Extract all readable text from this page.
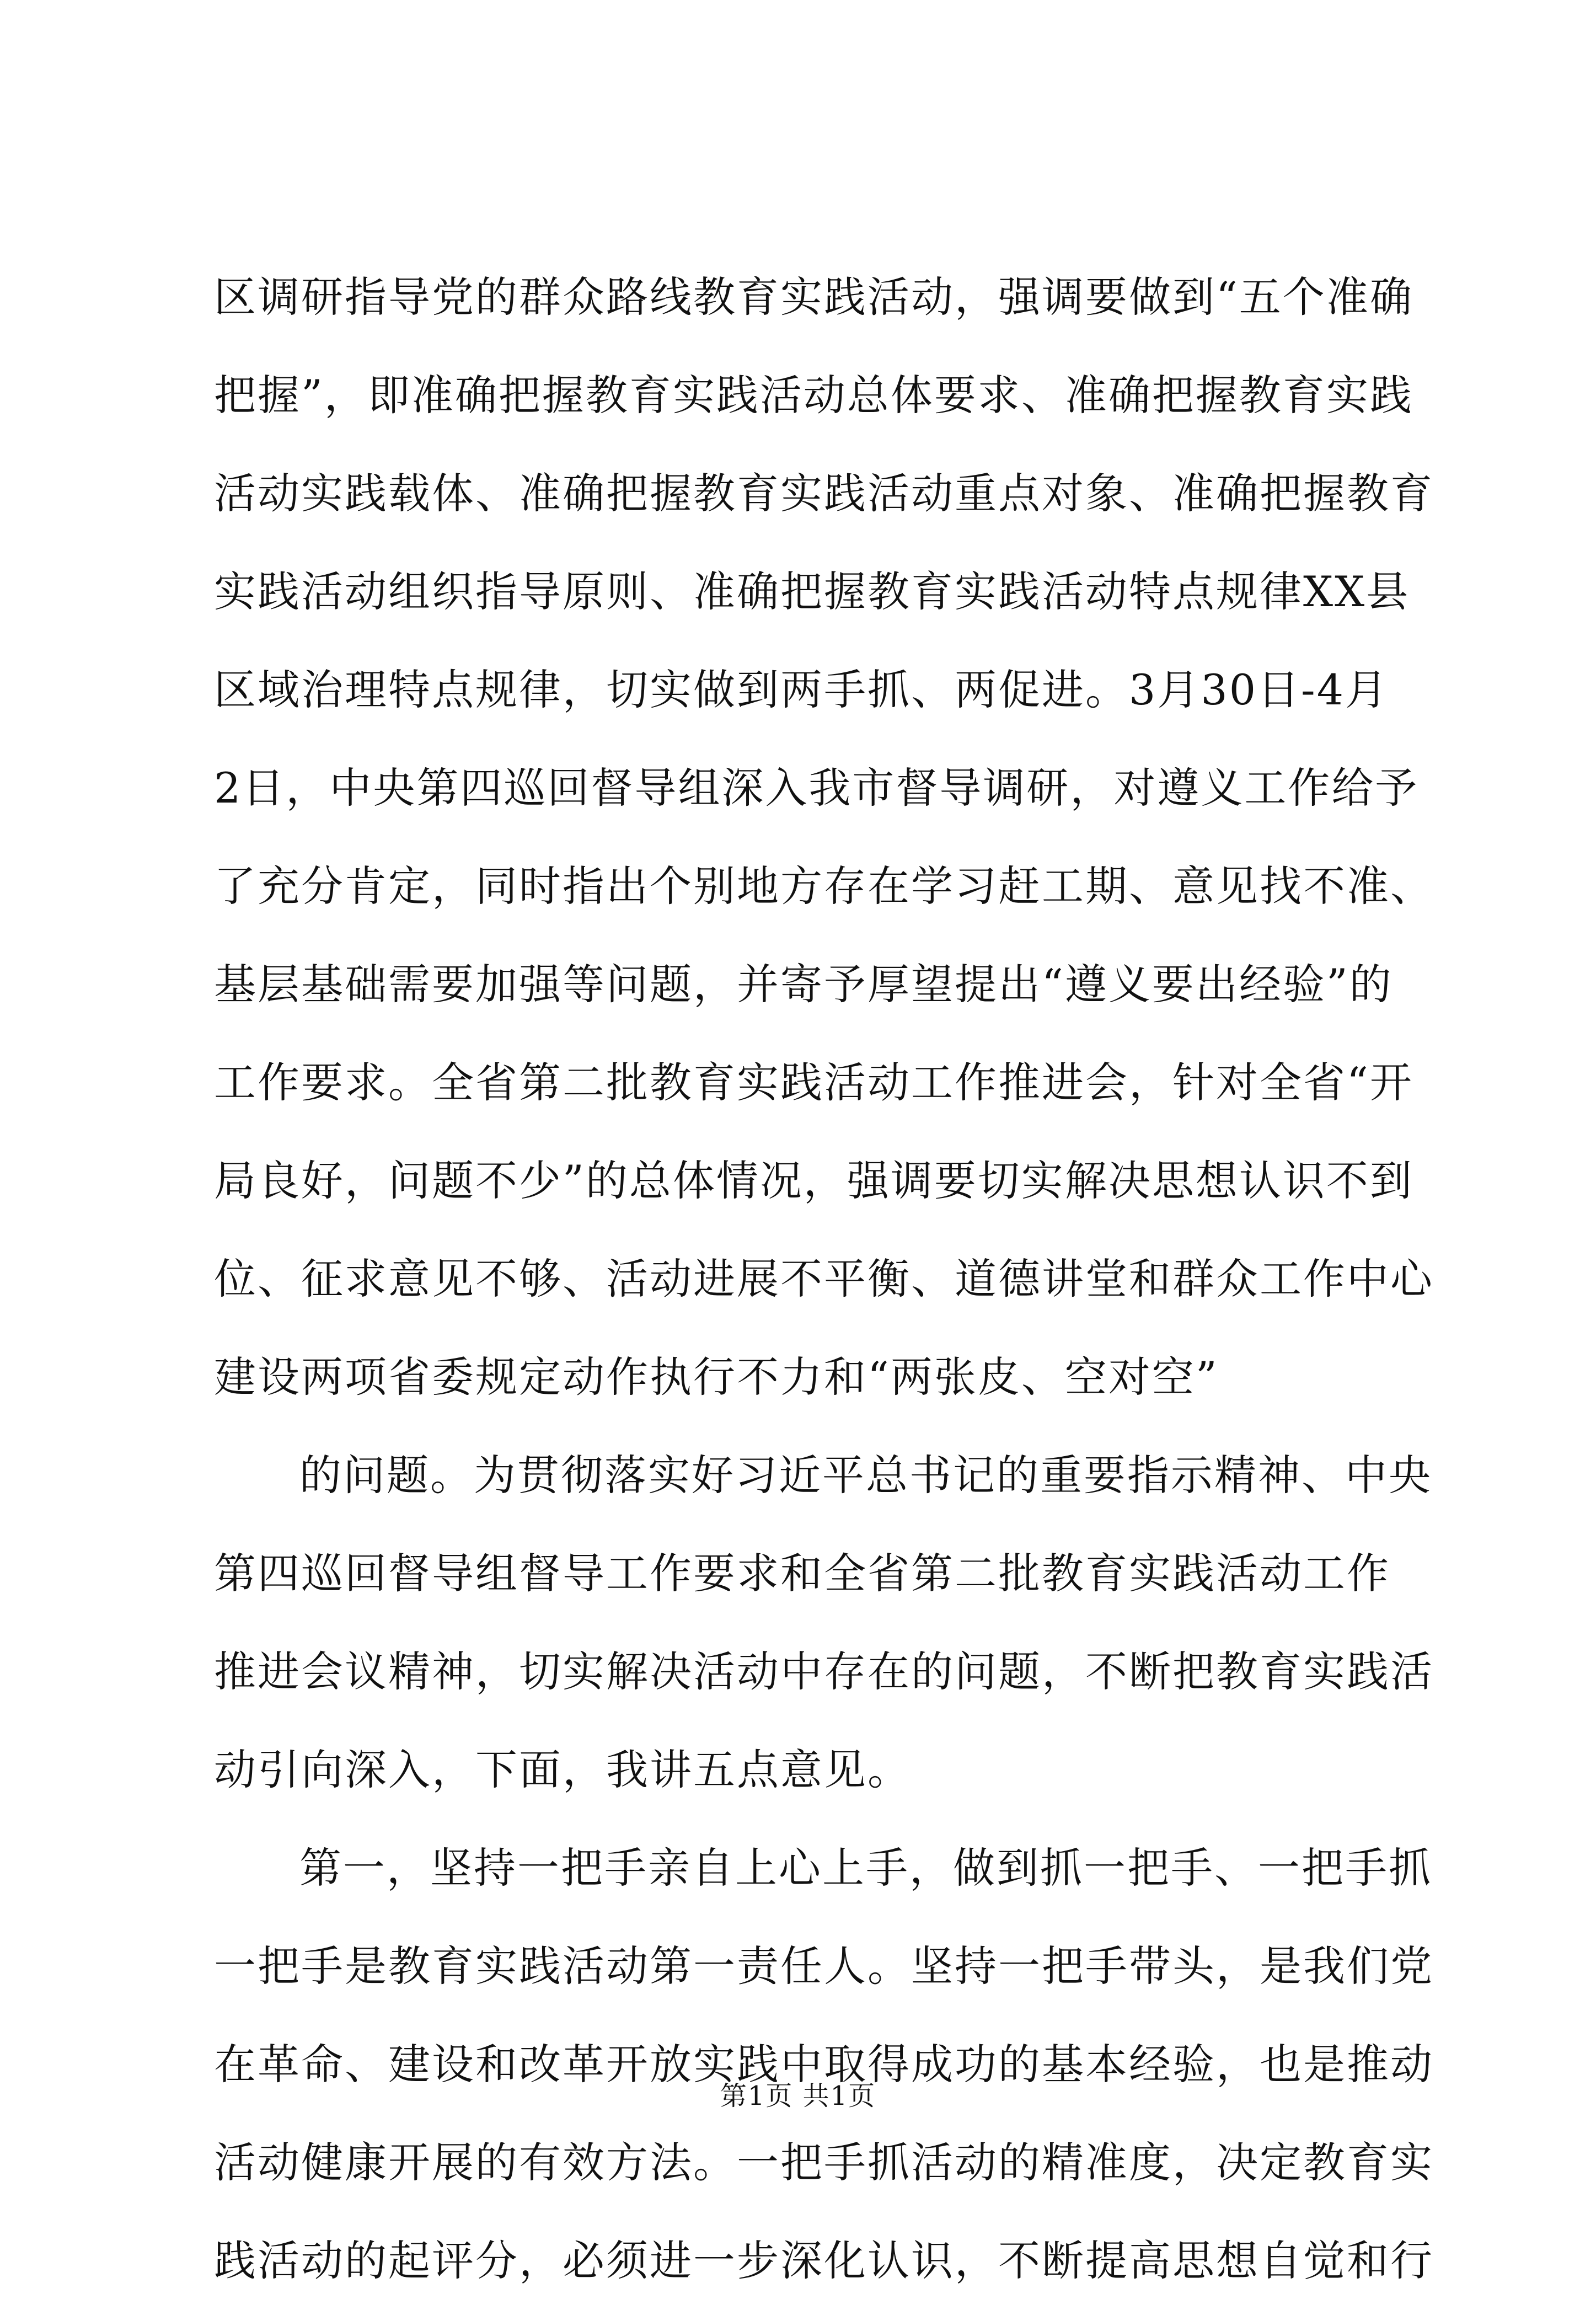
区调研指导党的群众路线教育实践活动，强调要做到“五个准确
把握”，即准确把握教育实践活动总体要求、准确把握教育实践
活动实践载体、准确把握教育实践活动重点对象、准确把握教育
实践活动组织指导原则、准确把握教育实践活动特点规律XX县
区域治理特点规律，切实做到两手抓、两促进。3月30日-4月
2日，中央第四巡回督导组深入我市督导调研，对遵义工作给予
了充分肯定，同时指出个别地方存在学习赶工期、意见找不准、
基层基础需要加强等问题，并寄予厚望提出“遵义要出经验”的
工作要求。全省第二批教育实践活动工作推进会，针对全省“开
局良好，问题不少”的总体情况，强调要切实解决思想认识不到
位、征求意见不够、活动进展不平衡、道德讲堂和群众工作中心
建设两项省委规定动作执行不力和“两张皮、空对空”
的问题。为贯彻落实好习近平总书记的重要指示精神、中央
第四巡回督导组督导工作要求和全省第二批教育实践活动工作
推进会议精神，切实解决活动中存在的问题，不断把教育实践活
动引向深入，下面，我讲五点意见。
第一，坚持一把手亲自上心上手，做到抓一把手、一把手抓
一把手是教育实践活动第一责任人。坚持一把手带头，是我们党
在革命、建设和改革开放实践中取得成功的基本经验，也是推动
活动健康开展的有效方法。一把手抓活动的精准度，决定教育实
践活动的起评分，必须进一步深化认识，不断提高思想自觉和行
第1页 共1页
